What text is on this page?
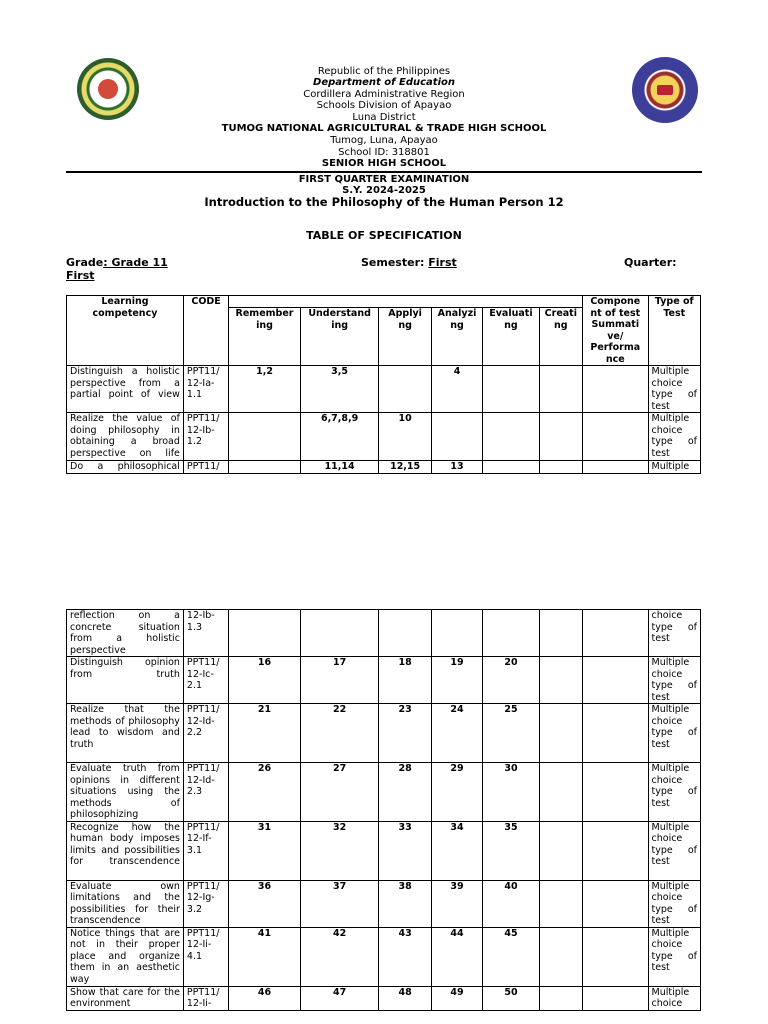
Republic of the Philippines
Department of Education
Cordillera Administrative Region
Schools Division of Apayao
Luna District
TUMOG NATIONAL AGRICULTURAL & TRADE HIGH SCHOOL
Tumog, Luna, Apayao
School ID: 318801
SENIOR HIGH SCHOOL
FIRST QUARTER EXAMINATION
S.Y. 2024-2025
Introduction to the Philosophy of the Human Person 12
TABLE OF SPECIFICATION
Grade: Grade 11
First
Semester: First	Quarter:
Learning competency	CODE							Compone nt of test Summati ve/ Performa nce	Type of Test
		Remember ing	Understand ing	Applyi ng	Analyzi ng	Evaluati ng	Creati ng		
Distinguish a holistic perspective from a partial point of view	PPT11/ 12-Ia- 1.1	1,2	3,5		4				Multiple choice type of test
Realize the value of doing philosophy in obtaining a broad perspective on life	PPT11/ 12-Ib- 1.2		6,7,8,9	10					Multiple choice type of test
Do a philosophical	PPT11/		11,14	12,15	13				Multiple
reflection on a concrete situation from a holistic perspective	12-Ib- 1.3								choice type of test
Distinguish opinion from truth	PPT11/ 12-Ic- 2.1	16	17	18	19	20			Multiple choice type of test
Realize that the methods of philosophy lead to wisdom and truth	PPT11/ 12-Id- 2.2	21	22	23	24	25			Multiple choice type of test
Evaluate truth from opinions in different situations using the methods of philosophizing	PPT11/ 12-Id- 2.3	26	27	28	29	30			Multiple choice type of test
Recognize how the human body imposes limits and possibilities for transcendence	PPT11/ 12-If- 3.1	31	32	33	34	35			Multiple choice type of test
Evaluate own limitations and the possibilities for their transcendence	PPT11/ 12-Ig- 3.2	36	37	38	39	40			Multiple choice type of test
Notice things that are not in their proper place and organize them in an aesthetic way	PPT11/ 12-Ii- 4.1	41	42	43	44	45			Multiple choice type of test
Show that care for the environment	PPT11/ 12-Ii-	46	47	48	49	50			Multiple choice
